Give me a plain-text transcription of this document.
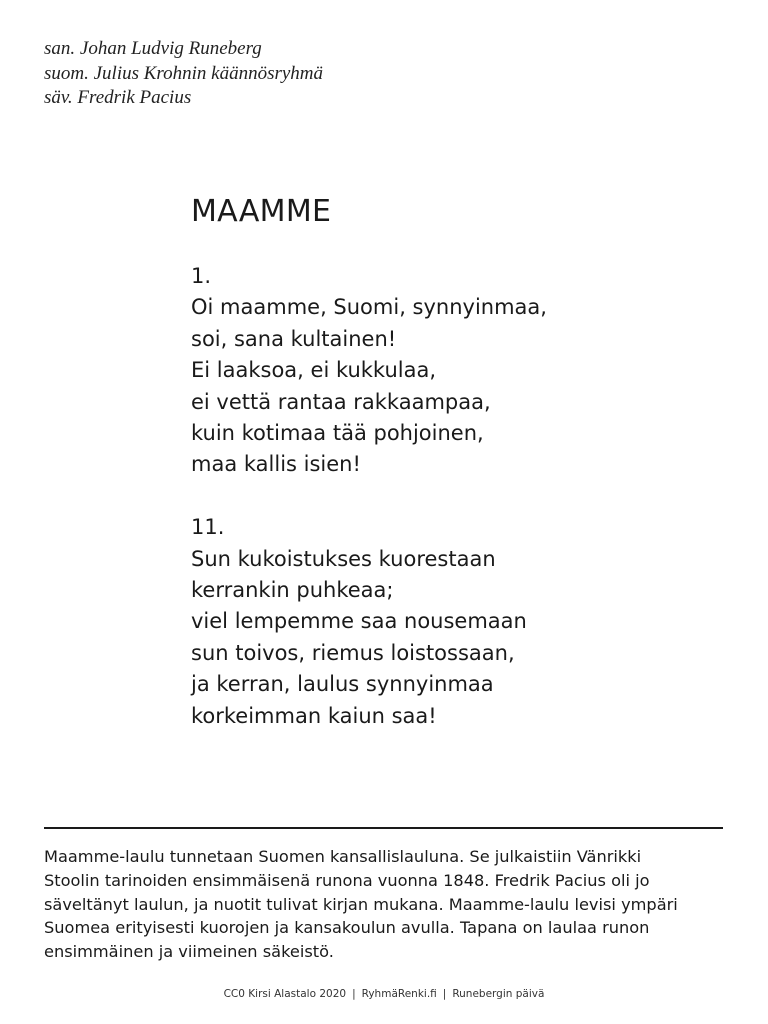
san. Johan Ludvig Runeberg
suom. Julius Krohnin käännösryhmä
säv. Fredrik Pacius
MAAMME
1.
Oi maamme, Suomi, synnyinmaa,
soi, sana kultainen!
Ei laaksoa, ei kukkulaa,
ei vettä rantaa rakkaampaa,
kuin kotimaa tää pohjoinen,
maa kallis isien!
11.
Sun kukoistukses kuorestaan
kerrankin puhkeaa;
viel lempemme saa nousemaan
sun toivos, riemus loistossaan,
ja kerran, laulus synnyinmaa
korkeimman kaiun saa!
Maamme-laulu tunnetaan Suomen kansallislauluna. Se julkaistiin Vänrikki
Stoolin tarinoiden ensimmäisenä runona vuonna 1848. Fredrik Pacius oli jo
säveltänyt laulun, ja nuotit tulivat kirjan mukana. Maamme-laulu levisi ympäri
Suomea erityisesti kuorojen ja kansakoulun avulla. Tapana on laulaa runon
ensimmäinen ja viimeinen säkeistö.
CC0 Kirsi Alastalo 2020 | RyhmäRenki.fi | Runebergin päivä
